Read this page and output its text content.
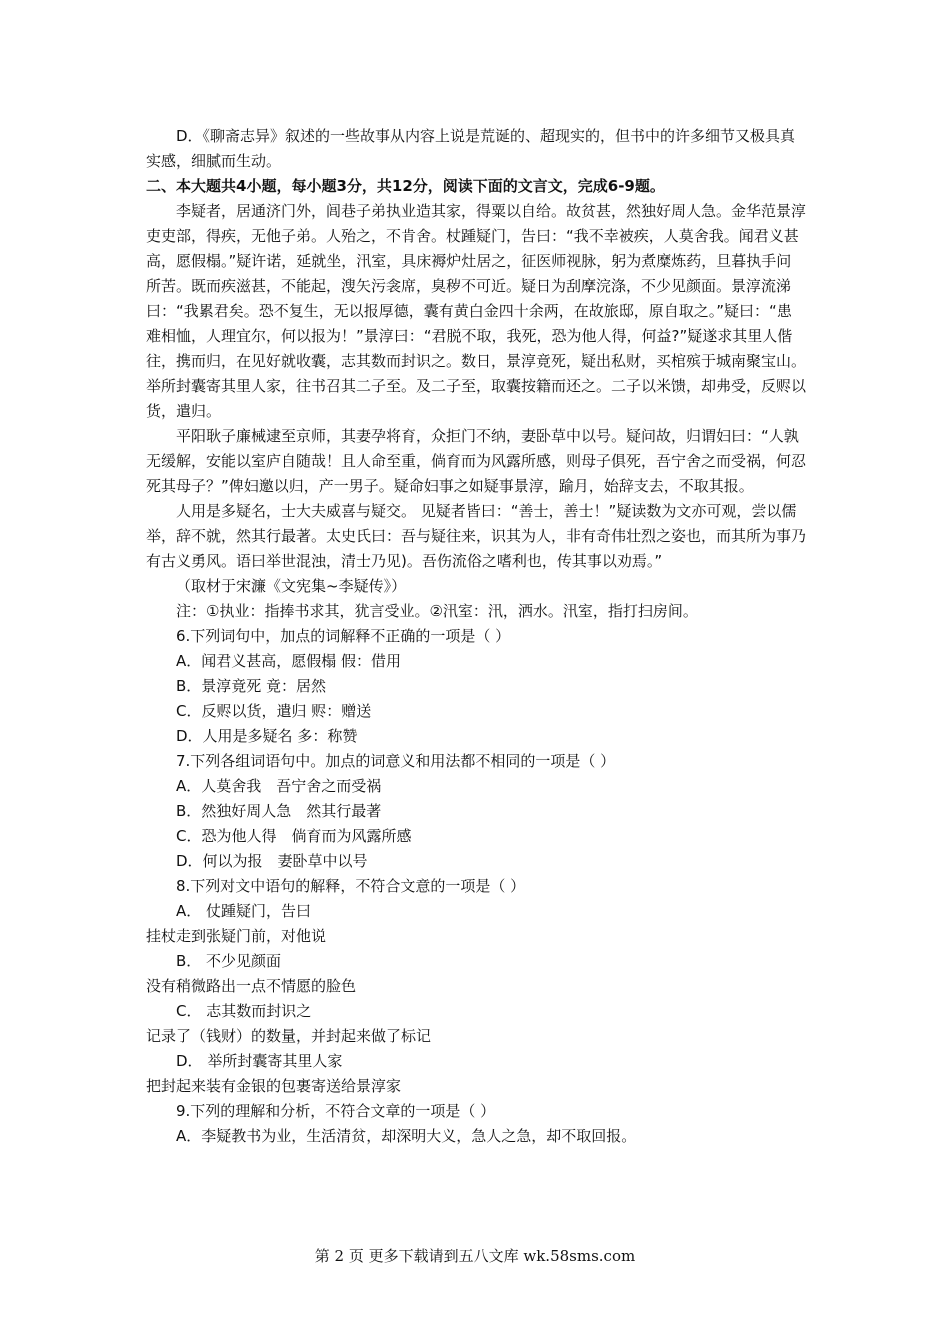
D．《聊斋志异》叙述的一些故事从内容上说是荒诞的、超现实的，但书中的许多细节又极具真实感，细腻而生动。

二、本大题共4小题，每小题3分，共12分，阅读下面的文言文，完成6-9题。

李疑者，居通济门外，闾巷子弟执业造其家，得粟以自给。故贫甚，然独好周人急。金华范景淳吏吏部，得疾，无他子弟。人殆之，不肯舍。杖踵疑门，告曰：“我不幸被疾，人莫舍我。闻君义甚高，愿假榻。”疑许诺，延就坐，汛室，具床褥炉灶居之，征医师视脉，躬为煮糜炼药，旦暮执手问所苦。既而疾滋甚，不能起，溲矢污衾席，臭秽不可近。疑日为刮摩浣涤，不少见颜面。景淳流涕曰：“我累君矣。恐不复生，无以报厚德，囊有黄白金四十余两，在故旅邸，原自取之。”疑曰：“患难相恤，人理宜尔，何以报为！”景淳曰：“君脱不取，我死，恐为他人得，何益?”疑遂求其里人偕往，携而归，在见好就收囊，志其数而封识之。数日，景淳竟死，疑出私财，买棺殡于城南聚宝山。举所封囊寄其里人家，往书召其二子至。及二子至，取囊按籍而还之。二子以米馈，却弗受，反赆以货，遣归。

平阳耿子廉械逮至京师，其妻孕将育，众拒门不纳，妻卧草中以号。疑问故，归谓妇曰：“人孰无缓解，安能以室庐自随哉！且人命至重，倘育而为风露所感，则母子俱死，吾宁舍之而受祸，何忍死其母子？”俾妇邀以归，产一男子。疑命妇事之如疑事景淳，踰月，始辞支去，不取其报。

人用是多疑名，士大夫威喜与疑交。 见疑者皆曰：“善士，善士！”疑读数为文亦可观，尝以儒举，辞不就，然其行最著。太史氏曰：吾与疑往来，识其为人，非有奇伟壮烈之姿也，而其所为事乃有古义勇风。语曰举世混浊，清士乃见)。吾伤流俗之嗜利也，传其事以劝焉。”

（取材于宋濂《文宪集~李疑传》）

注：①执业：指捧书求其，犹言受业。②汛室：汛，洒水。汛室，指打扫房间。

6.下列词句中，加点的词解释不正确的一项是（ ）

A．闻君义甚高，愿假榻 假：借用

B．景淳竟死 竟：居然

C．反赆以货，遣归 赆：赠送

D．人用是多疑名 多：称赞

7.下列各组词语句中。加点的词意义和用法都不相同的一项是（ ）

A．人莫舍我　吾宁舍之而受祸

B．然独好周人急　然其行最著

C．恐为他人得　倘育而为风露所感

D．何以为报　妻卧草中以号

8.下列对文中语句的解释，不符合文意的一项是（ ）

A． 仗踵疑门，告曰

挂杖走到张疑门前，对他说

B． 不少见颜面

没有稍微路出一点不情愿的脸色

C． 志其数而封识之

记录了（钱财）的数量，并封起来做了标记

D． 举所封囊寄其里人家

把封起来装有金银的包裹寄送给景淳家

9.下列的理解和分析，不符合文章的一项是（ ）

A．李疑教书为业，生活清贫，却深明大义，急人之急，却不取回报。

第 2 页 更多下载请到五八文库 wk.58sms.com
